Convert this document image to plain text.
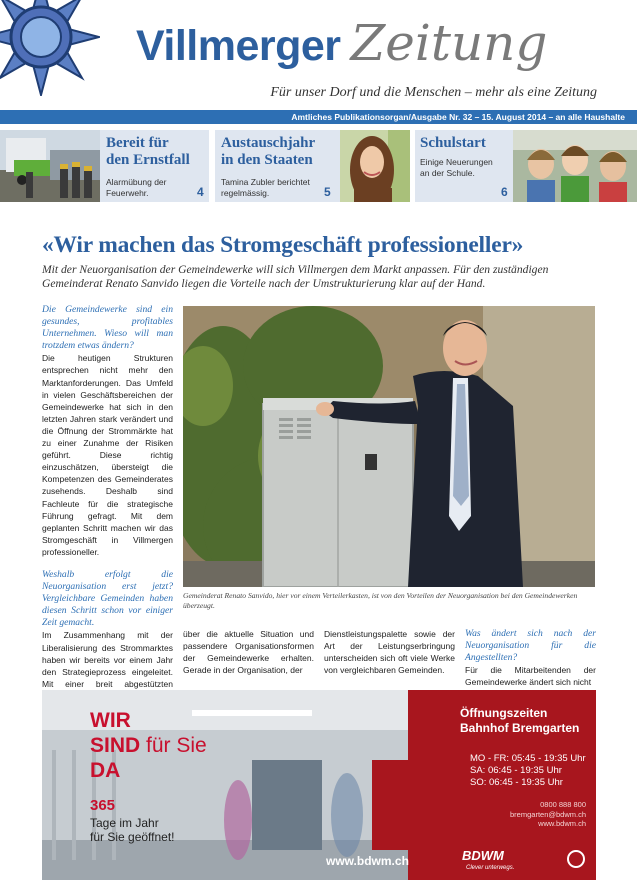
Villmerger Zeitung
Für unser Dorf und die Menschen – mehr als eine Zeitung
Amtliches Publikationsorgan/Ausgabe Nr. 32 – 15. August 2014 – an alle Haushalte
Bereit für
den Ernstfall
Alarmübung der
Feuerwehr.	4
Austauschjahr
in den Staaten
Tamina Zubler berichtet
regelmässig.	5
Schulstart
Einige Neuerungen
an der Schule.
6
«Wir machen das Stromgeschäft professioneller»

Mit der Neuorganisation der Gemeindewerke will sich Villmergen dem Markt anpassen. Für den zuständigen Gemeinderat Renato Sanvido liegen die Vorteile nach der Umstrukturierung klar auf der Hand.

Die Gemeindewerke sind ein gesundes, profitables Unternehmen. Wieso will man trotzdem etwas ändern?

Die heutigen Strukturen entsprechen nicht mehr den Marktanforderungen. Das Umfeld in vielen Geschäftsbereichen der Gemeindewerke hat sich in den letzten Jahren stark verändert und die Öffnung der Strommärkte hat zu einer Zunahme der Risiken geführt. Diese richtig einzuschätzen, übersteigt die Kompetenzen des Gemeinderates zusehends. Deshalb sind Fachleute für die strategische Führung gefragt. Mit dem geplanten Schritt machen wir das Stromgeschäft in Villmergen professioneller.

Weshalb erfolgt die Neuorganisation erst jetzt? Vergleichbare Gemeinden haben diesen Schritt schon vor einiger Zeit gemacht.

Im Zusammenhang mit der Liberalisierung des Strommarktes haben wir bereits vor einem Jahr den Strategieprozess eingeleitet. Mit einer breit abgestützten

Gemeinderat Renato Sanvido, hier vor einem Verteilerkasten, ist von den Vorteilen der Neuorganisation bei den Gemeindewerken überzeugt.

über die aktuelle Situation und passendere Organisationsformen der Gemeindewerke erhalten. Gerade in der Organisation, der

Dienstleistungspalette sowie der Art der Leistungserbringung unterscheiden sich oft viele Werke von vergleichbaren Gemeinden.

Was ändert sich nach der Neuorganisation für die Angestellten?

Für die Mitarbeitenden der Gemeindewerke ändert sich nicht

WIR
SIND für Sie
DA
365
Tage im Jahr
für Sie geöffnet!
Öffnungszeiten
Bahnhof Bremgarten
MO - FR: 05:45 - 19:35 Uhr
SA: 06:45 - 19:35 Uhr
SO: 06:45 - 19:35 Uhr
0800 888 800
bremgarten@bdwm.ch
www.bdwm.ch
www.bdwm.ch	BDWM
Clever unterwegs.
